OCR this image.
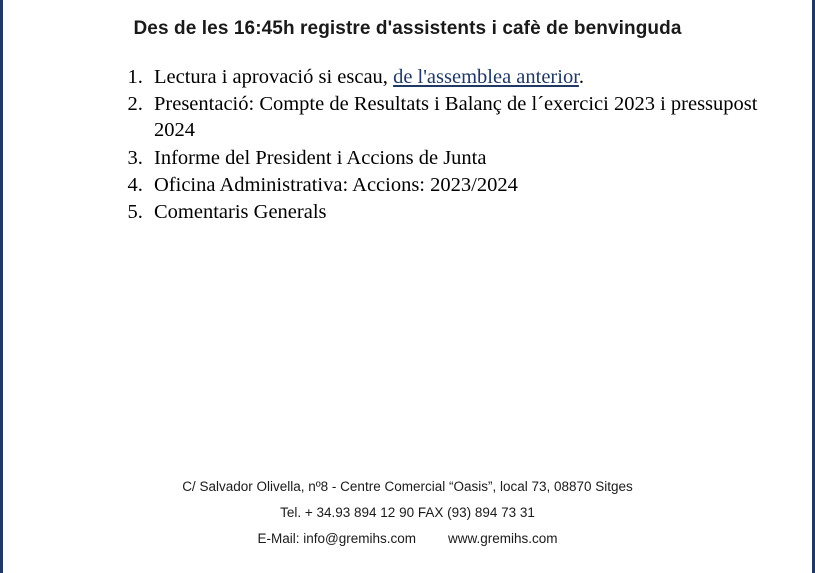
Des de les 16:45h registre d'assistents i cafè de benvinguda
1. Lectura i aprovació si escau, de l'assemblea anterior.
2. Presentació: Compte de Resultats i Balanç de l´exercici 2023 i pressupost 2024
3. Informe del President i Accions de Junta
4. Oficina Administrativa: Accions: 2023/2024
5. Comentaris Generals
C/ Salvador Olivella, nº8 - Centre Comercial “Oasis”, local 73, 08870 Sitges
Tel. + 34.93 894 12 90 FAX (93) 894 73 31
E-Mail: info@gremihs.com www.gremihs.com
